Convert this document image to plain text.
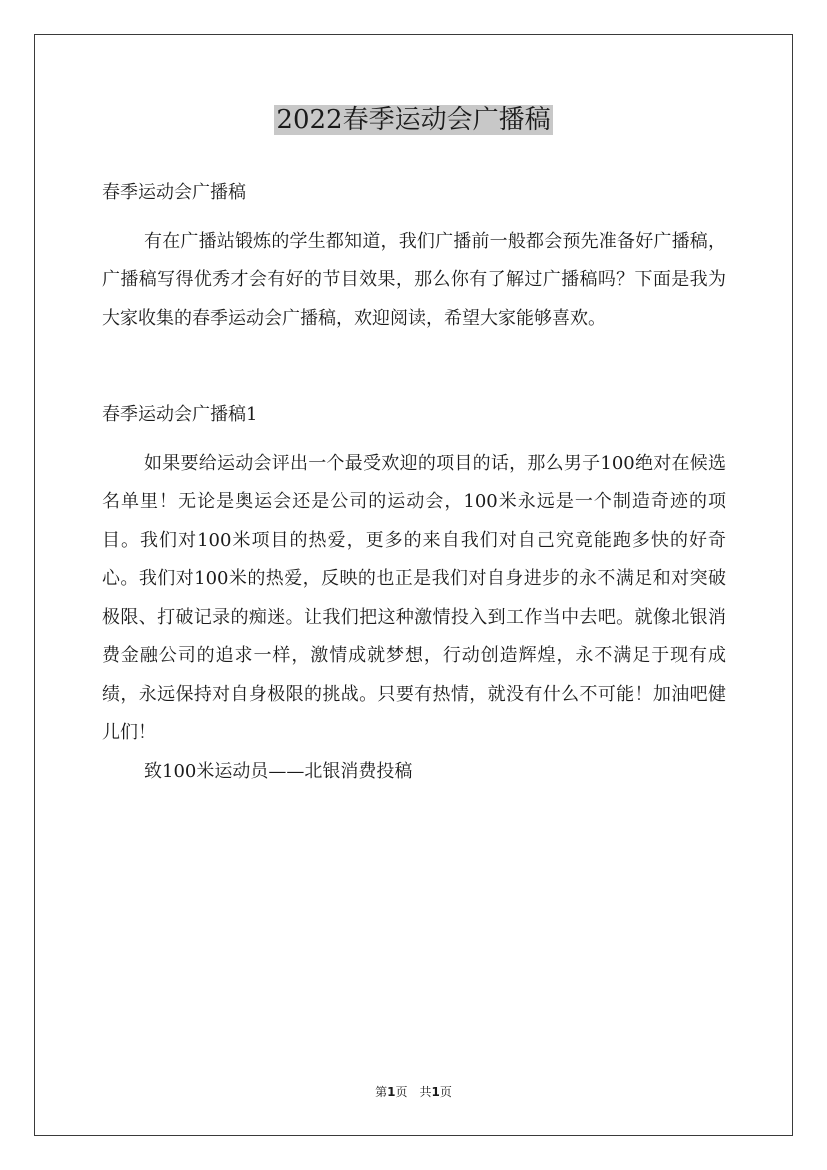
2022春季运动会广播稿

春季运动会广播稿

有在广播站锻炼的学生都知道，我们广播前一般都会预先准备好广播稿，广播稿写得优秀才会有好的节目效果，那么你有了解过广播稿吗？下面是我为大家收集的春季运动会广播稿，欢迎阅读，希望大家能够喜欢。

春季运动会广播稿1

如果要给运动会评出一个最受欢迎的项目的话，那么男子100绝对在候选名单里！无论是奥运会还是公司的运动会，100米永远是一个制造奇迹的项目。我们对100米项目的热爱，更多的来自我们对自己究竟能跑多快的好奇心。我们对100米的热爱，反映的也正是我们对自身进步的永不满足和对突破极限、打破记录的痴迷。让我们把这种激情投入到工作当中去吧。就像北银消费金融公司的追求一样，激情成就梦想，行动创造辉煌，永不满足于现有成绩，永远保持对自身极限的挑战。只要有热情，就没有什么不可能！加油吧健儿们！

致100米运动员——北银消费投稿

第1页　共1页
